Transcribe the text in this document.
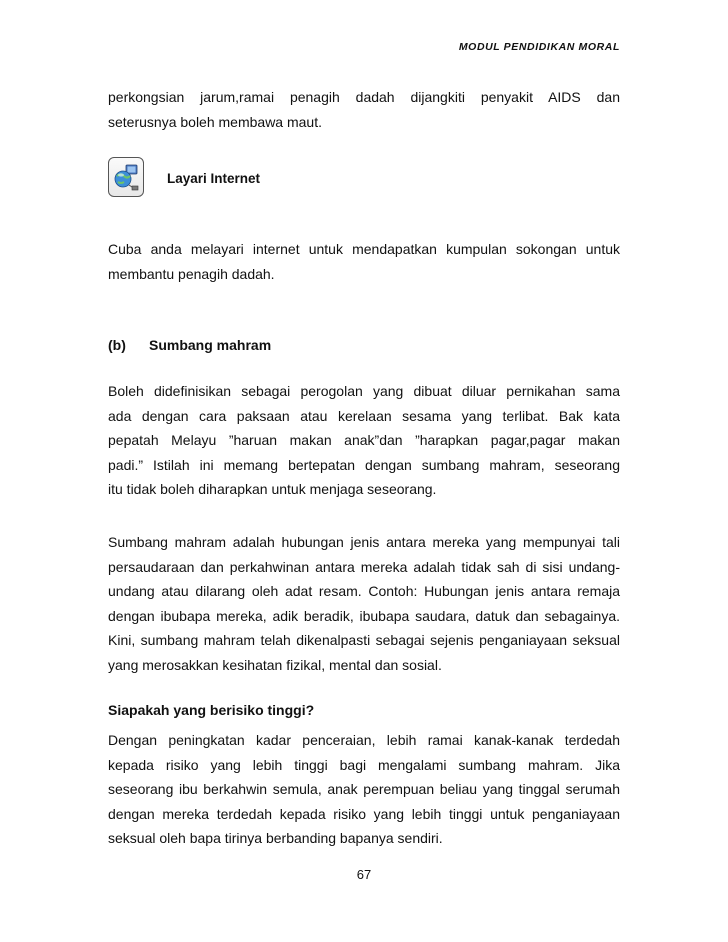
MODUL PENDIDIKAN MORAL
perkongsian jarum,ramai penagih dadah dijangkiti penyakit AIDS dan
seterusnya boleh membawa maut.
Layari Internet
Cuba anda melayari internet untuk mendapatkan kumpulan sokongan untuk
membantu penagih dadah.
(b) Sumbang mahram
Boleh didefinisikan sebagai perogolan yang dibuat diluar pernikahan sama
ada dengan cara paksaan atau kerelaan sesama yang terlibat. Bak kata
pepatah Melayu ”haruan makan anak”dan ”harapkan pagar,pagar makan
padi.” Istilah ini memang bertepatan dengan sumbang mahram, seseorang
itu tidak boleh diharapkan untuk menjaga seseorang.
Sumbang mahram adalah hubungan jenis antara mereka yang mempunyai tali
persaudaraan dan perkahwinan antara mereka adalah tidak sah di sisi undang-
undang atau dilarang oleh adat resam. Contoh: Hubungan jenis antara remaja
dengan ibubapa mereka, adik beradik, ibubapa saudara, datuk dan sebagainya.
Kini, sumbang mahram telah dikenalpasti sebagai sejenis penganiayaan seksual
yang merosakkan kesihatan fizikal, mental dan sosial.
Siapakah yang berisiko tinggi?
Dengan peningkatan kadar penceraian, lebih ramai kanak-kanak terdedah
kepada risiko yang lebih tinggi bagi mengalami sumbang mahram. Jika
seseorang ibu berkahwin semula, anak perempuan beliau yang tinggal serumah
dengan mereka terdedah kepada risiko yang lebih tinggi untuk penganiayaan
seksual oleh bapa tirinya berbanding bapanya sendiri.
67
